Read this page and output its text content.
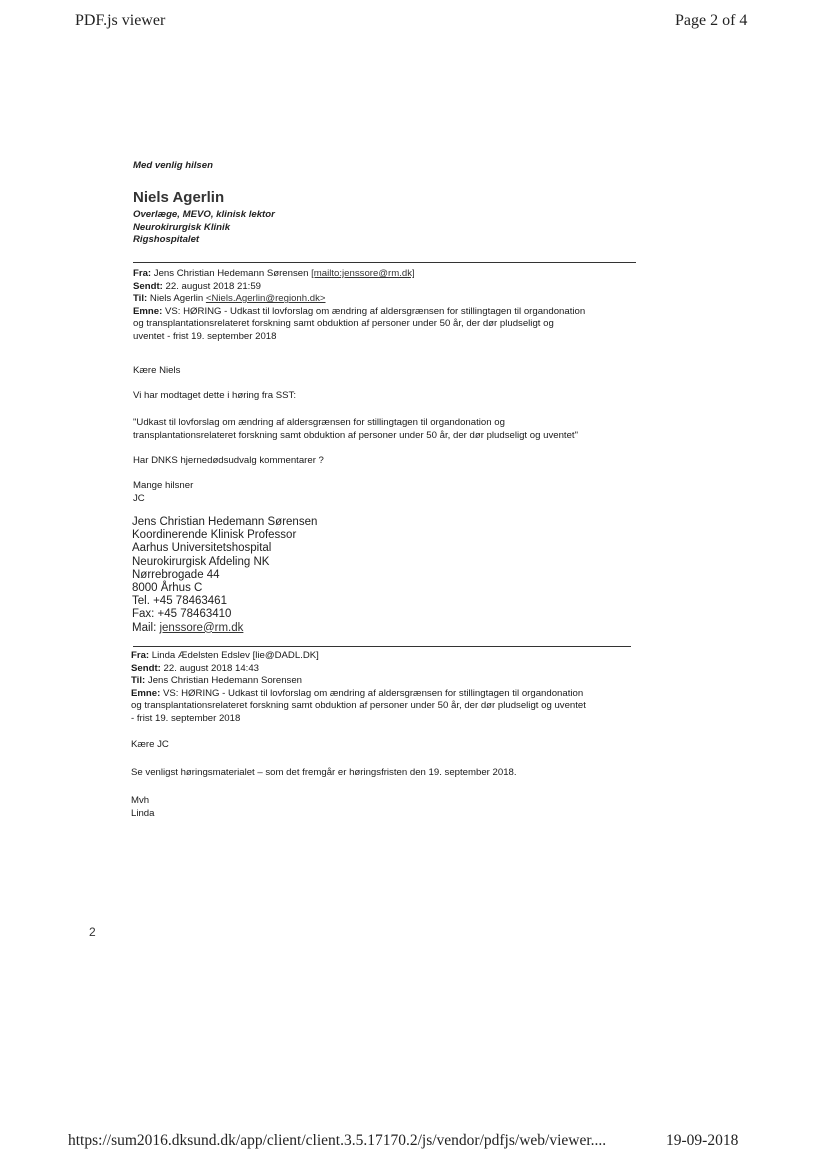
PDF.js viewer	Page 2 of 4
Med venlig hilsen
Niels Agerlin
Overlæge, MEVO, klinisk lektor
Neurokirurgisk Klinik
Rigshospitalet
Fra: Jens Christian Hedemann Sørensen [mailto:jenssore@rm.dk]
Sendt: 22. august 2018 21:59
Til: Niels Agerlin <Niels.Agerlin@regionh.dk>
Emne: VS: HØRING - Udkast til lovforslag om ændring af aldersgrænsen for stillingtagen til organdonation
og transplantationsrelateret forskning samt obduktion af personer under 50 år, der dør pludseligt og
uventet - frist 19. september 2018
Kære Niels
Vi har modtaget dette i høring fra SST:
"Udkast til lovforslag om ændring af aldersgrænsen for stillingtagen til organdonation og
transplantationsrelateret forskning samt obduktion af personer under 50 år, der dør pludseligt og uventet"
Har DNKS hjernedødsudvalg kommentarer ?
Mange hilsner
JC
Jens Christian Hedemann Sørensen
Koordinerende Klinisk Professor
Aarhus Universitetshospital
Neurokirurgisk Afdeling NK
Nørrebrogade 44
8000 Århus C
Tel. +45 78463461
Fax: +45 78463410
Mail: jenssore@rm.dk
Fra: Linda Ædelsten Edslev [lie@DADL.DK]
Sendt: 22. august 2018 14:43
Til: Jens Christian Hedemann Sorensen
Emne: VS: HØRING - Udkast til lovforslag om ændring af aldersgrænsen for stillingtagen til organdonation
og transplantationsrelateret forskning samt obduktion af personer under 50 år, der dør pludseligt og uventet
- frist 19. september 2018
Kære JC
Se venligst høringsmaterialet – som det fremgår er høringsfristen den 19. september 2018.
Mvh
Linda
2
https://sum2016.dksund.dk/app/client/client.3.5.17170.2/js/vendor/pdfjs/web/viewer....	19-09-2018
